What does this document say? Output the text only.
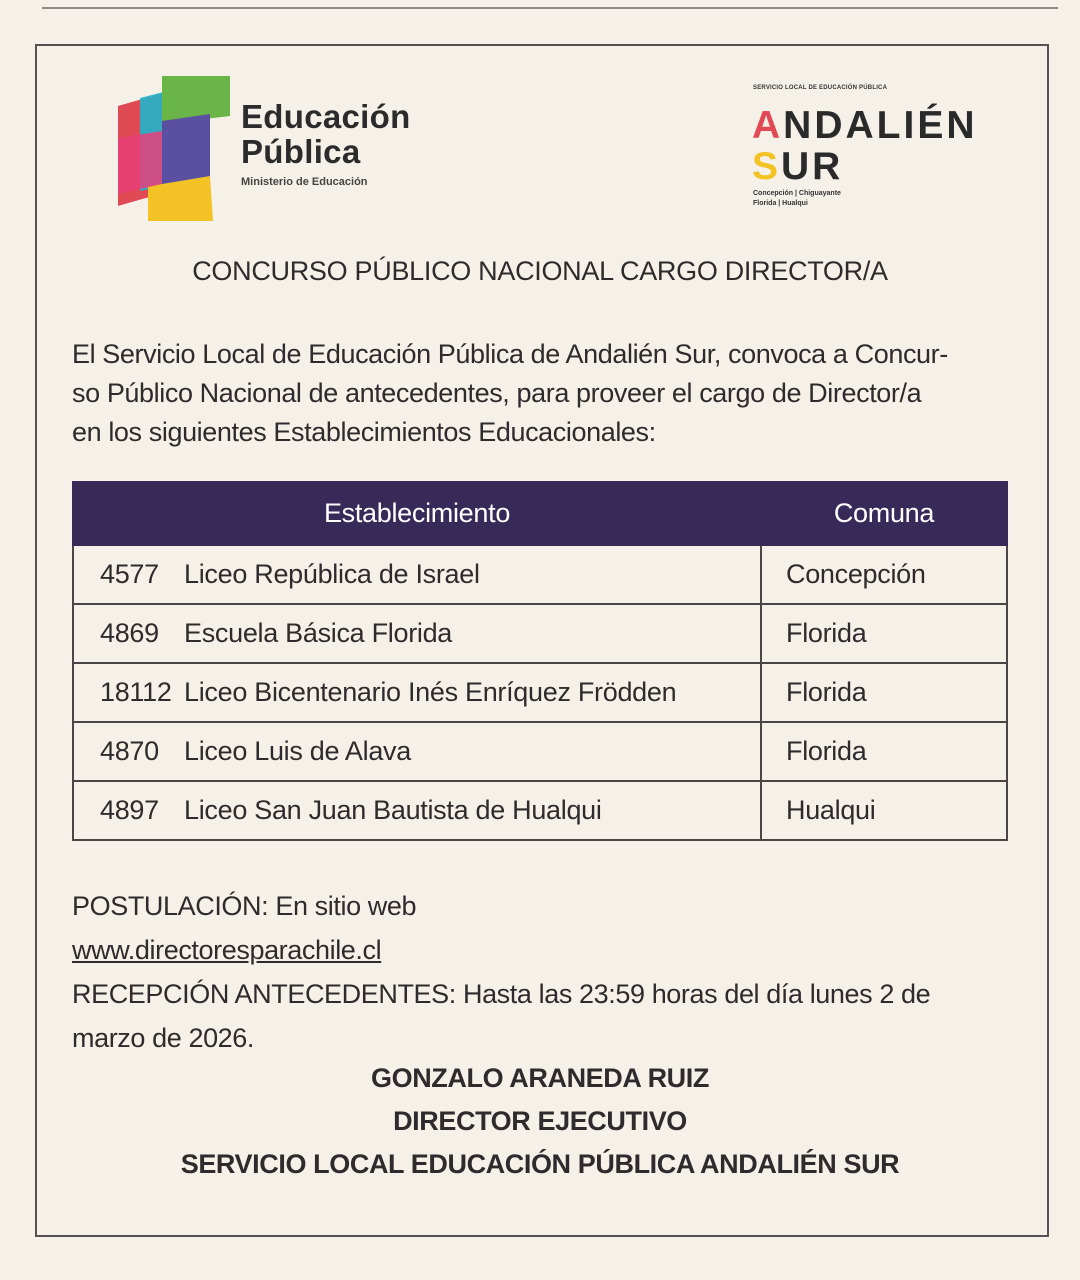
Educación
Pública
Ministerio de Educación
SERVICIO LOCAL DE EDUCACIÓN PÚBLICA
ANDALIÉN
SUR
Concepción | Chiguayante
Florida | Hualqui
CONCURSO PÚBLICO NACIONAL CARGO DIRECTOR/A
El Servicio Local de Educación Pública de Andalién Sur, convoca a Concur-
so Público Nacional de antecedentes, para proveer el cargo de Director/a
en los siguientes Establecimientos Educacionales:
Establecimiento	Comuna
4577 Liceo República de Israel	Concepción
4869 Escuela Básica Florida	Florida
18112 Liceo Bicentenario Inés Enríquez Frödden	Florida
4870 Liceo Luis de Alava	Florida
4897 Liceo San Juan Bautista de Hualqui	Hualqui
POSTULACIÓN: En sitio web
www.directoresparachile.cl
RECEPCIÓN ANTECEDENTES: Hasta las 23:59 horas del día lunes 2 de
marzo de 2026.
GONZALO ARANEDA RUIZ
DIRECTOR EJECUTIVO
SERVICIO LOCAL EDUCACIÓN PÚBLICA ANDALIÉN SUR
